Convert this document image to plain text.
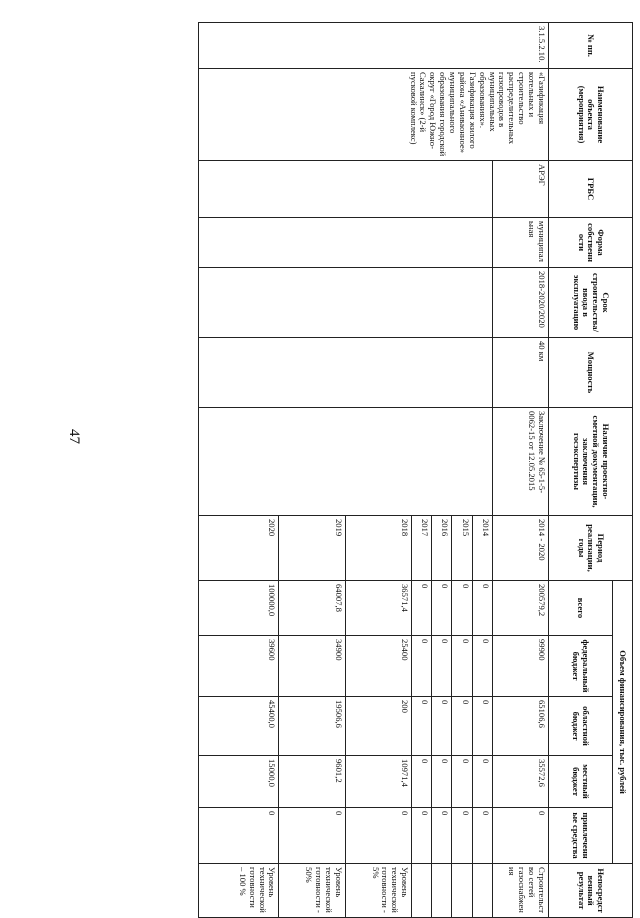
47
№ пп.	Наименование объекта (мероприятия)	ГРБС	Форма собственности	Срок строительства/ввода в эксплуатацию	Мощность	Наличие проектно-сметной документации, заключения госэкспертизы	Период реализации, годы	Объем финансирования, тыс. рублей					Непосредственный результат
								всего	федеральный бюджет	областной бюджет	местный бюджет	привлеченные средства	
3.1.5.2.10.	«Газификация котельных и строительство распределительных газопроводов в муниципальных образованиях». Газификация жилого района «Аниваонное» муниципального образования городской округ «Город Южно-Сахалинск» (2-й пусковой комплекс)	АРЭГ	муниципальная	2018-2020/2020	40 км	Заключение № 65-1-5-0062-15 от 12.05.2015	2014 - 2020	200579,2	99900	65106,6	35572,6	0	Строительство сетей газоснабжения
							2014	0	0	0	0	0	
							2015	0	0	0	0	0	
							2016	0	0	0	0	0	
							2017	0	0	0	0	0	
							2018	36571,4	25400	200	10971,4	0	Уровень технической готовности - 5%
							2019	64007,8	34900	19506,6	9601,2	0	Уровень технической готовности - 50%
							2020	100000,0	39600	45400,0	15000,0	0	Уровень технической готовности – 100 %
